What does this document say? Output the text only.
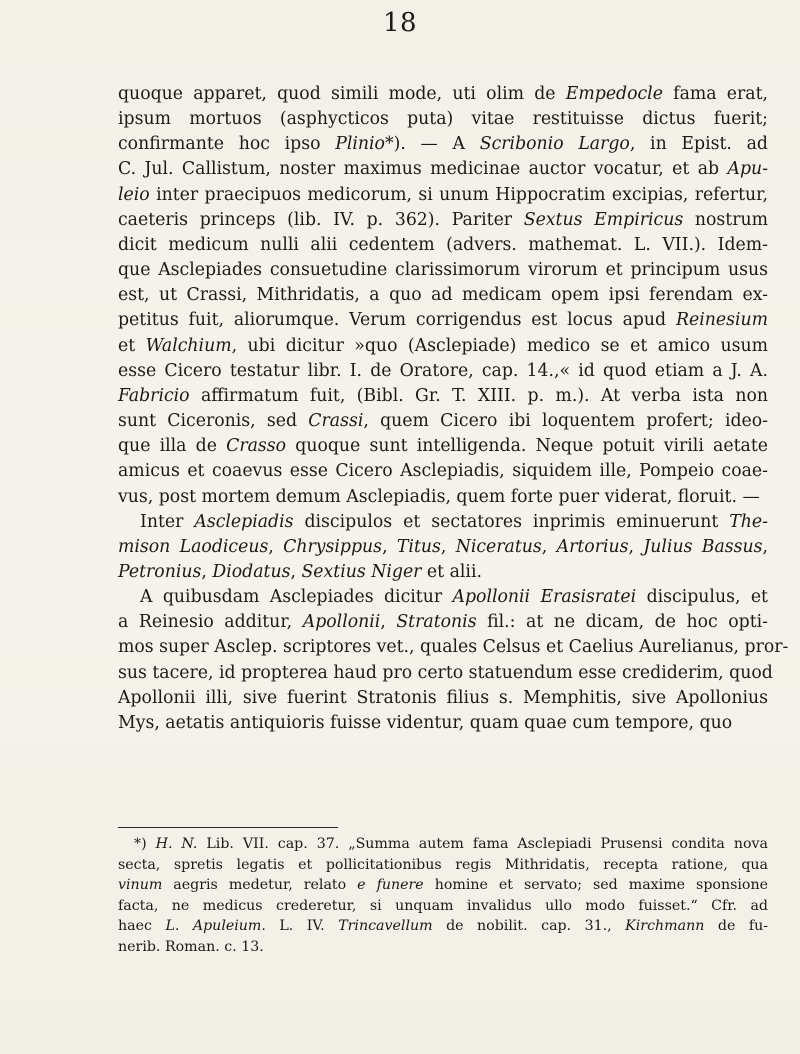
18
quoque apparet, quod simili mode, uti olim de Empedocle fama erat,
ipsum mortuos (asphycticos puta) vitae restituisse dictus fuerit;
confirmante hoc ipso Plinio*). — A Scribonio Largo, in Epist. ad
C. Jul. Callistum, noster maximus medicinae auctor vocatur, et ab Apu-
leio inter praecipuos medicorum, si unum Hippocratim excipias, refertur,
caeteris princeps (lib. IV. p. 362). Pariter Sextus Empiricus nostrum
dicit medicum nulli alii cedentem (advers. mathemat. L. VII.). Idem-
que Asclepiades consuetudine clarissimorum virorum et principum usus
est, ut Crassi, Mithridatis, a quo ad medicam opem ipsi ferendam ex-
petitus fuit, aliorumque. Verum corrigendus est locus apud Reinesium
et Walchium, ubi dicitur »quo (Asclepiade) medico se et amico usum
esse Cicero testatur libr. I. de Oratore, cap. 14.,« id quod etiam a J. A.
Fabricio affirmatum fuit, (Bibl. Gr. T. XIII. p. m.). At verba ista non
sunt Ciceronis, sed Crassi, quem Cicero ibi loquentem profert; ideo-
que illa de Crasso quoque sunt intelligenda. Neque potuit virili aetate
amicus et coaevus esse Cicero Asclepiadis, siquidem ille, Pompeio coae-
vus, post mortem demum Asclepiadis, quem forte puer viderat, floruit. —
Inter Asclepiadis discipulos et sectatores inprimis eminuerunt The-
mison Laodiceus, Chrysippus, Titus, Niceratus, Artorius, Julius Bassus,
Petronius, Diodatus, Sextius Niger et alii.
A quibusdam Asclepiades dicitur Apollonii Erasisratei discipulus, et
a Reinesio additur, Apollonii, Stratonis fil.: at ne dicam, de hoc opti-
mos super Asclep. scriptores vet., quales Celsus et Caelius Aurelianus, pror-
sus tacere, id propterea haud pro certo statuendum esse crediderim, quod
Apollonii illi, sive fuerint Stratonis filius s. Memphitis, sive Apollonius
Mys, aetatis antiquioris fuisse videntur, quam quae cum tempore, quo
*) H. N. Lib. VII. cap. 37. „Summa autem fama Asclepiadi Prusensi condita nova
secta, spretis legatis et pollicitationibus regis Mithridatis, recepta ratione, qua
vinum aegris medetur, relato e funere homine et servato; sed maxime sponsione
facta, ne medicus crederetur, si unquam invalidus ullo modo fuisset.“ Cfr. ad
haec L. Apuleium. L. IV. Trincavellum de nobilit. cap. 31., Kirchmann de fu-
nerib. Roman. c. 13.
